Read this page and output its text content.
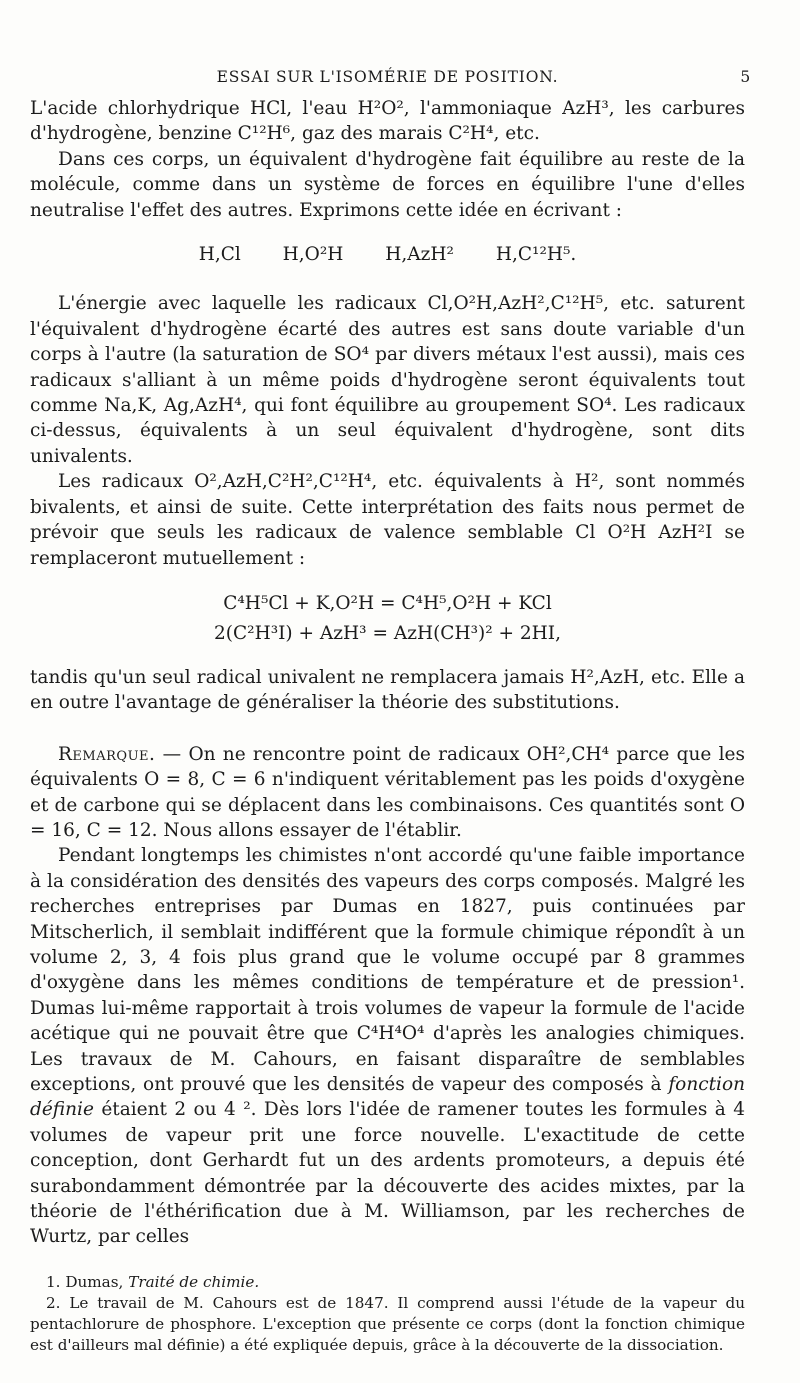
ESSAI SUR L'ISOMÉRIE DE POSITION.	5

L'acide chlorhydrique HCl, l'eau H²O², l'ammoniaque AzH³, les carbures d'hydrogène, benzine C¹²H⁶, gaz des marais C²H⁴, etc.

Dans ces corps, un équivalent d'hydrogène fait équilibre au reste de la molécule, comme dans un système de forces en équilibre l'une d'elles neutralise l'effet des autres. Exprimons cette idée en écrivant :

H,Cl H,O²H H,AzH² H,C¹²H⁵.

L'énergie avec laquelle les radicaux Cl,O²H,AzH²,C¹²H⁵, etc. saturent l'équivalent d'hydrogène écarté des autres est sans doute variable d'un corps à l'autre (la saturation de SO⁴ par divers métaux l'est aussi), mais ces radicaux s'alliant à un même poids d'hydrogène seront équivalents tout comme Na,K, Ag,AzH⁴, qui font équilibre au groupement SO⁴. Les radicaux ci-dessus, équivalents à un seul équivalent d'hydrogène, sont dits univalents.

Les radicaux O²,AzH,C²H²,C¹²H⁴, etc. équivalents à H², sont nommés bivalents, et ainsi de suite. Cette interprétation des faits nous permet de prévoir que seuls les radicaux de valence semblable Cl O²H AzH²I se remplaceront mutuellement :

C⁴H⁵Cl + K,O²H = C⁴H⁵,O²H + KCl
2(C²H³I) + AzH³ = AzH(CH³)² + 2HI,

tandis qu'un seul radical univalent ne remplacera jamais H²,AzH, etc. Elle a en outre l'avantage de généraliser la théorie des substitutions.

Remarque. — On ne rencontre point de radicaux OH²,CH⁴ parce que les équivalents O = 8, C = 6 n'indiquent véritablement pas les poids d'oxygène et de carbone qui se déplacent dans les combinaisons. Ces quantités sont O = 16, C = 12. Nous allons essayer de l'établir.

Pendant longtemps les chimistes n'ont accordé qu'une faible importance à la considération des densités des vapeurs des corps composés. Malgré les recherches entreprises par Dumas en 1827, puis continuées par Mitscherlich, il semblait indifférent que la formule chimique répondît à un volume 2, 3, 4 fois plus grand que le volume occupé par 8 grammes d'oxygène dans les mêmes conditions de température et de pression¹. Dumas lui-même rapportait à trois volumes de vapeur la formule de l'acide acétique qui ne pouvait être que C⁴H⁴O⁴ d'après les analogies chimiques. Les travaux de M. Cahours, en faisant disparaître de semblables exceptions, ont prouvé que les densités de vapeur des composés à fonction définie étaient 2 ou 4 ². Dès lors l'idée de ramener toutes les formules à 4 volumes de vapeur prit une force nouvelle. L'exactitude de cette conception, dont Gerhardt fut un des ardents promoteurs, a depuis été surabondamment démontrée par la découverte des acides mixtes, par la théorie de l'éthérification due à M. Williamson, par les recherches de Wurtz, par celles

1. Dumas, Traité de chimie.

2. Le travail de M. Cahours est de 1847. Il comprend aussi l'étude de la vapeur du pentachlorure de phosphore. L'exception que présente ce corps (dont la fonction chimique est d'ailleurs mal définie) a été expliquée depuis, grâce à la découverte de la dissociation.
